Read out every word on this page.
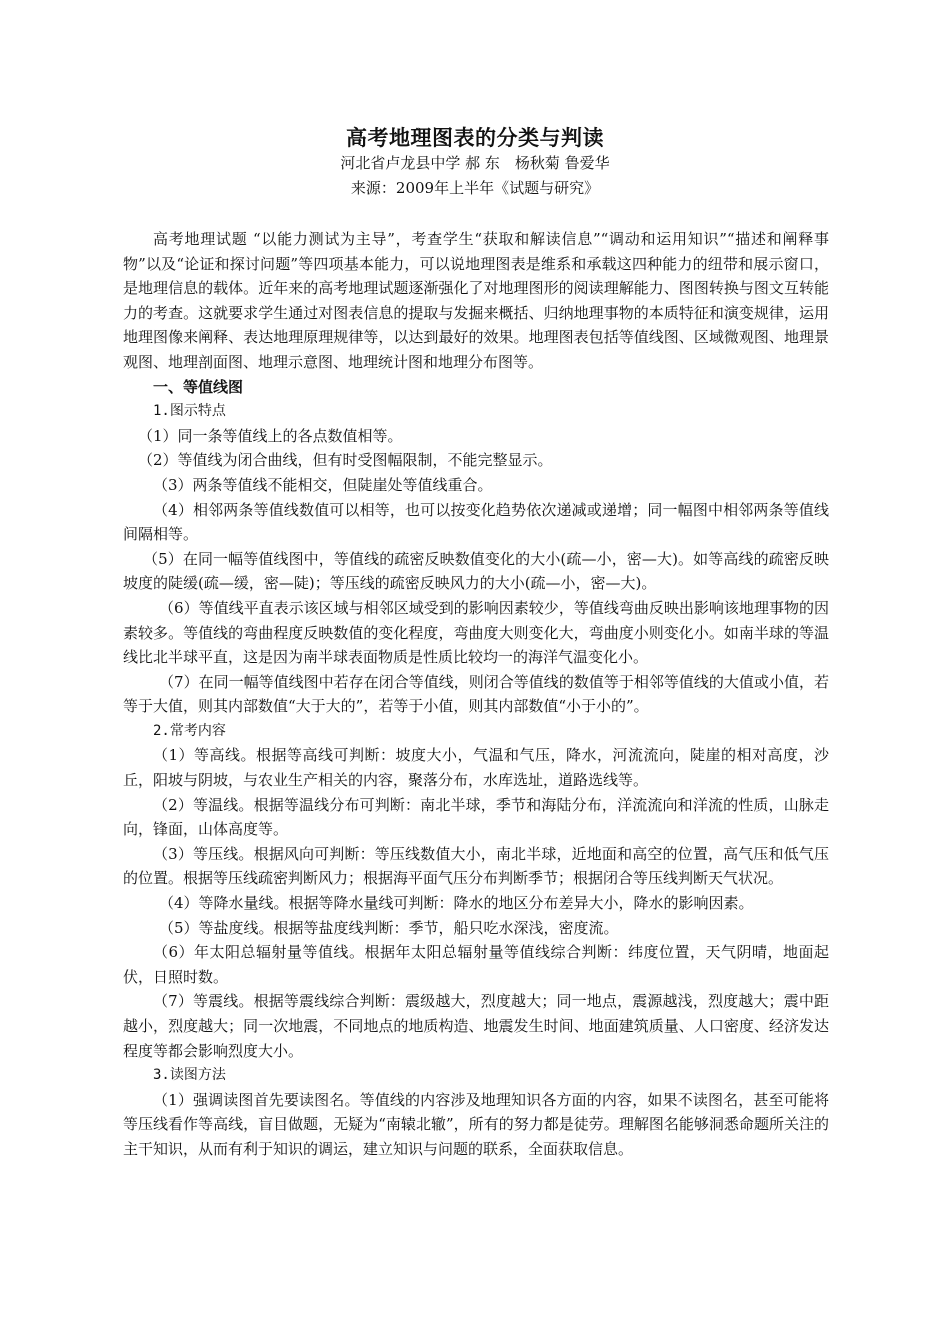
高考地理图表的分类与判读
河北省卢龙县中学 郝 东　杨秋菊 鲁爱华
来源：2009年上半年《试题与研究》

高考地理试题 “以能力测试为主导”，考查学生“获取和解读信息”“调动和运用知识”“描述和阐释事物”以及“论证和探讨问题”等四项基本能力，可以说地理图表是维系和承载这四种能力的纽带和展示窗口，是地理信息的载体。近年来的高考地理试题逐渐强化了对地理图形的阅读理解能力、图图转换与图文互转能力的考查。这就要求学生通过对图表信息的提取与发掘来概括、归纳地理事物的本质特征和演变规律，运用地理图像来阐释、表达地理原理规律等，以达到最好的效果。地理图表包括等值线图、区域微观图、地理景观图、地理剖面图、地理示意图、地理统计图和地理分布图等。

一、等值线图

1.图示特点

（1）同一条等值线上的各点数值相等。

（2）等值线为闭合曲线，但有时受图幅限制，不能完整显示。

（3）两条等值线不能相交，但陡崖处等值线重合。

（4）相邻两条等值线数值可以相等，也可以按变化趋势依次递减或递增；同一幅图中相邻两条等值线间隔相等。

（5）在同一幅等值线图中，等值线的疏密反映数值变化的大小(疏—小，密—大)。如等高线的疏密反映坡度的陡缓(疏—缓，密—陡)；等压线的疏密反映风力的大小(疏—小，密—大)。

（6）等值线平直表示该区域与相邻区域受到的影响因素较少，等值线弯曲反映出影响该地理事物的因素较多。等值线的弯曲程度反映数值的变化程度，弯曲度大则变化大，弯曲度小则变化小。如南半球的等温线比北半球平直，这是因为南半球表面物质是性质比较均一的海洋气温变化小。

（7）在同一幅等值线图中若存在闭合等值线，则闭合等值线的数值等于相邻等值线的大值或小值，若等于大值，则其内部数值“大于大的”，若等于小值，则其内部数值“小于小的”。

2.常考内容

（1）等高线。根据等高线可判断：坡度大小，气温和气压，降水，河流流向，陡崖的相对高度，沙丘，阳坡与阴坡，与农业生产相关的内容，聚落分布，水库选址，道路选线等。

（2）等温线。根据等温线分布可判断：南北半球，季节和海陆分布，洋流流向和洋流的性质，山脉走向，锋面，山体高度等。

（3）等压线。根据风向可判断：等压线数值大小，南北半球，近地面和高空的位置，高气压和低气压的位置。根据等压线疏密判断风力；根据海平面气压分布判断季节；根据闭合等压线判断天气状况。

（4）等降水量线。根据等降水量线可判断：降水的地区分布差异大小，降水的影响因素。

（5）等盐度线。根据等盐度线判断：季节，船只吃水深浅，密度流。

（6）年太阳总辐射量等值线。根据年太阳总辐射量等值线综合判断：纬度位置，天气阴晴，地面起伏，日照时数。

（7）等震线。根据等震线综合判断：震级越大，烈度越大；同一地点，震源越浅，烈度越大；震中距越小，烈度越大；同一次地震，不同地点的地质构造、地震发生时间、地面建筑质量、人口密度、经济发达程度等都会影响烈度大小。

3.读图方法

（1）强调读图首先要读图名。等值线的内容涉及地理知识各方面的内容，如果不读图名，甚至可能将等压线看作等高线，盲目做题，无疑为“南辕北辙”，所有的努力都是徒劳。理解图名能够洞悉命题所关注的主干知识，从而有利于知识的调运，建立知识与问题的联系，全面获取信息。
